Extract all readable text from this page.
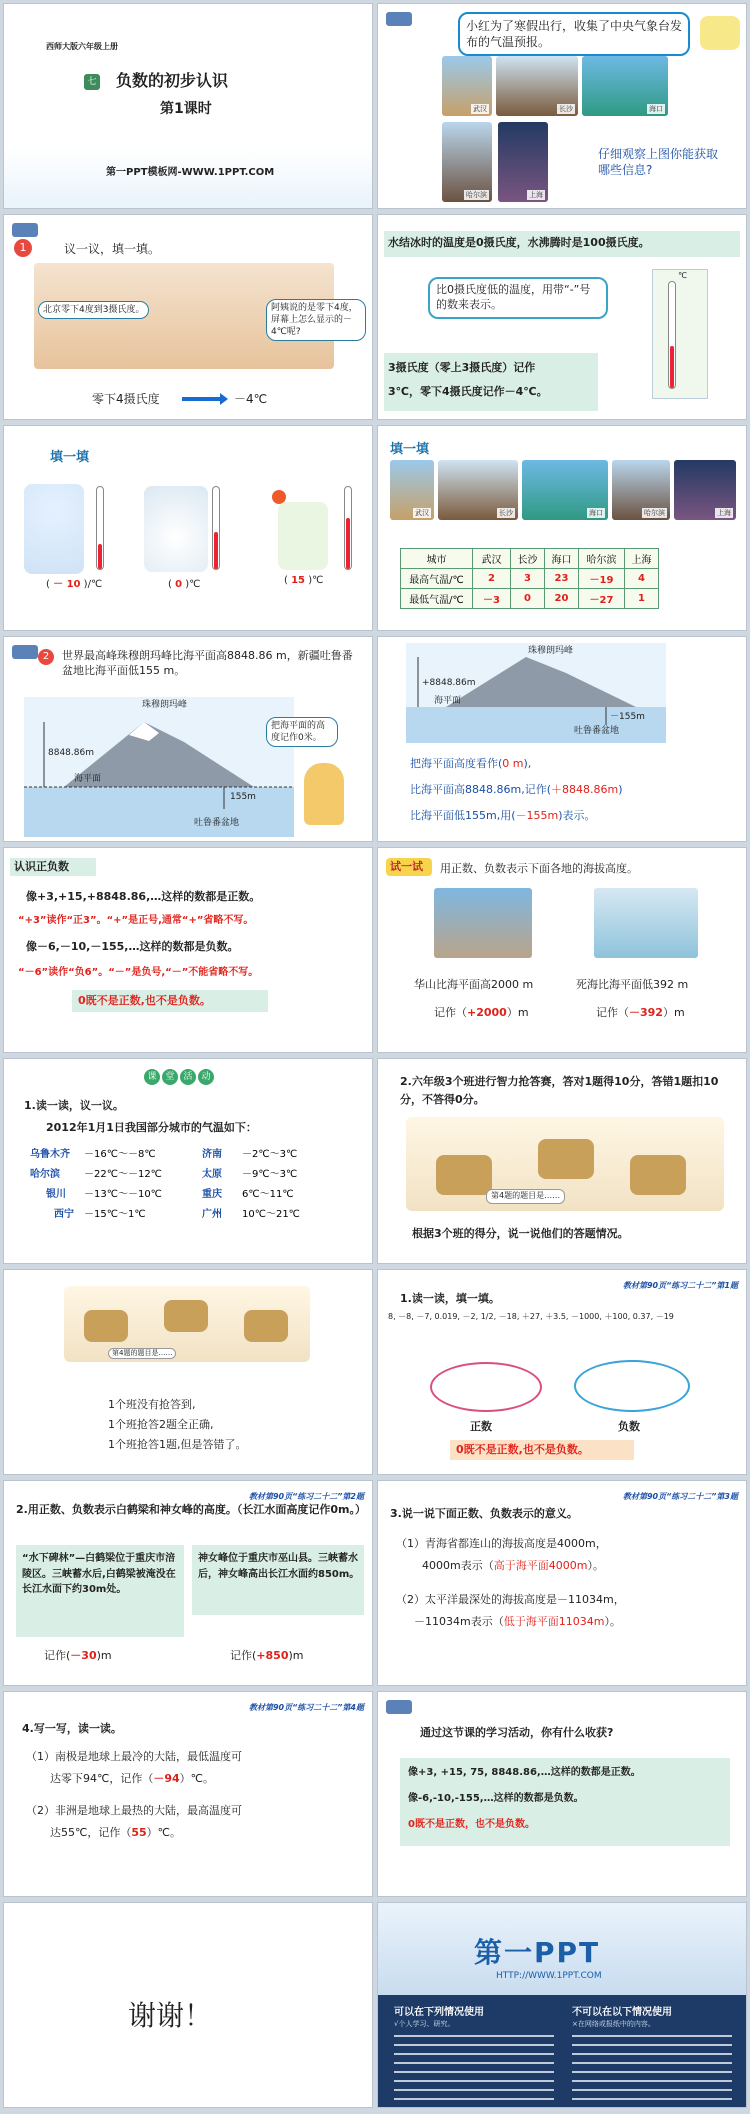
西师大版六年级上册
七 负数的初步认识
第1课时
第一PPT模板网-WWW.1PPT.COM
小红为了寒假出行，收集了中央气象台发布的气温预报。
武汉	长沙	海口
哈尔滨	上海
仔细观察上图你能获取哪些信息?
1	议一议，填一填。
北京零下4度到3摄氏度。	阿姨说的是零下4度，屏幕上怎么显示的－4℃呢?
零下4摄氏度	－4℃
水结冰时的温度是0摄氏度，水沸腾时是100摄氏度。
比0摄氏度低的温度，用带“-”号的数来表示。
3摄氏度（零上3摄氏度）记作
3℃，零下4摄氏度记作－4℃。
℃
填一填
( － 10 )/℃	( 0 )℃	( 15 )℃
填一填
武汉	长沙	海口	哈尔滨	上海
城市	武汉	长沙	海口	哈尔滨	上海
最高气温/℃	2	3	23	－19	4
最低气温/℃	－3	0	20	－27	1
2	世界最高峰珠穆朗玛峰比海平面高8848.86 m，新疆吐鲁番盆地比海平面低155 m。
珠穆朗玛峰
8848.86m
海平面
155m
吐鲁番盆地
把海平面的高度记作0米。
珠穆朗玛峰
+8848.86m
海平面
－155m
吐鲁番盆地
把海平面高度看作(0 m),
比海平面高8848.86m,记作(＋8848.86m)
比海平面低155m,用(－155m)表示。
认识正负数
像+3,+15,+8848.86,…这样的数都是正数。
“+3”读作“正3”。“+”是正号,通常“+”省略不写。
像－6,－10,－155,…这样的数都是负数。
“－6”读作“负6”。“－”是负号,“－”不能省略不写。
0既不是正数,也不是负数。
试一试 用正数、负数表示下面各地的海拔高度。
华山比海平面高2000 m	死海比海平面低392 m
记作（+2000）m	记作（－392）m
课 堂 活 动
1.读一读，议一议。
2012年1月1日我国部分城市的气温如下：
乌鲁木齐 －16℃～－8℃	济南 －2℃～3℃
哈尔滨 －22℃～－12℃	太原 －9℃～3℃
银川 －13℃～－10℃	重庆 6℃～11℃
西宁 －15℃～1℃	广州 10℃～21℃
2.六年级3个班进行智力抢答赛，答对1题得10分，答错1题扣10分，不答得0分。
第4题的题目是……
根据3个班的得分，说一说他们的答题情况。
第4题的题目是……
1个班没有抢答到,
1个班抢答2题全正确,
1个班抢答1题,但是答错了。
教材第90页“练习二十二”第1题
1.读一读，填一填。
8, －8, －7, 0.019, －2, 1/2, －18, ＋27, ＋3.5, －1000, ＋100, 0.37, －19
正数	负数
0既不是正数,也不是负数。
教材第90页“练习二十二”第2题
2.用正数、负数表示白鹤梁和神女峰的高度。（长江水面高度记作0m。）
“水下碑林”—白鹤梁位于重庆市涪陵区。三峡蓄水后,白鹤梁被淹没在长江水面下约30m处。
神女峰位于重庆市巫山县。三峡蓄水后，神女峰高出长江水面约850m。
记作(－30)m	记作(+850)m
教材第90页“练习二十二”第3题
3.说一说下面正数、负数表示的意义。
（1）青海省都连山的海拔高度是4000m，
4000m表示（高于海平面4000m）。
（2）太平洋最深处的海拔高度是－11034m，
－11034m表示（低于海平面11034m）。
教材第90页“练习二十二”第4题
4.写一写，读一读。
（1）南极是地球上最冷的大陆，最低温度可
达零下94℃，记作（－94）℃。
（2）非洲是地球上最热的大陆，最高温度可
达55℃，记作（55）℃。
通过这节课的学习活动，你有什么收获?
像+3, +15, 75, 8848.86,…这样的数都是正数。
像-6,-10,-155,…这样的数都是负数。
0既不是正数，也不是负数。
谢谢！
第一PPT
HTTP://WWW.1PPT.COM
可以在下列情况使用
√个人学习、研究。
不可以在以下情况使用
×在网络或报纸中的内容。
